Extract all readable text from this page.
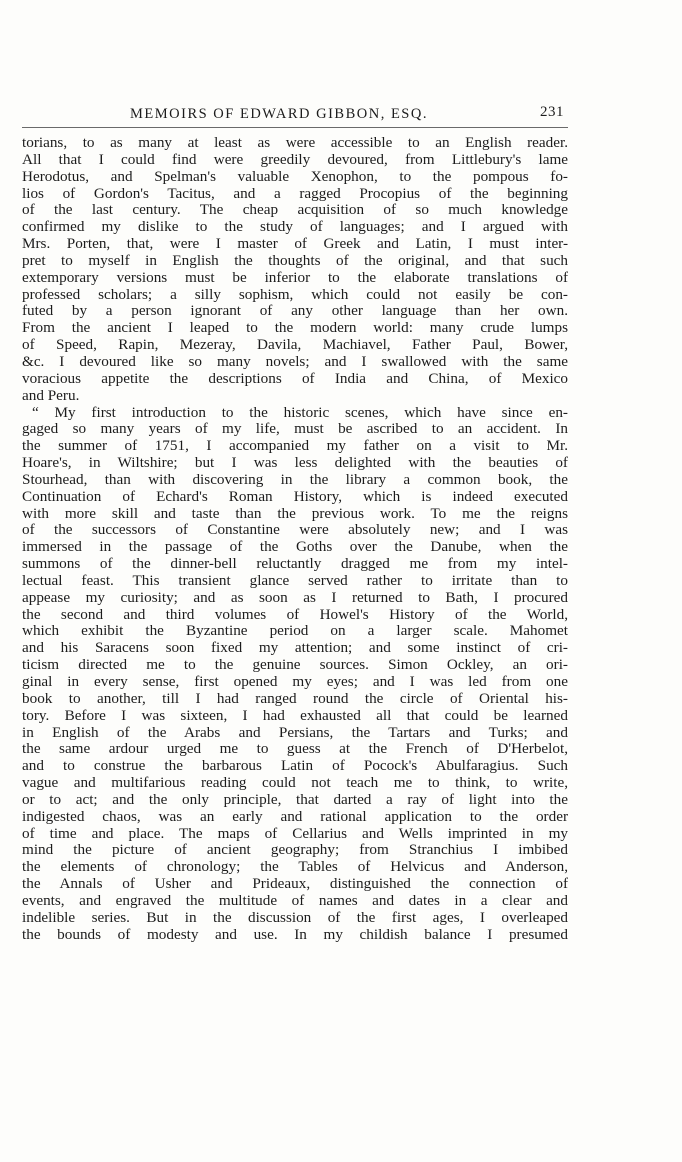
MEMOIRS OF EDWARD GIBBON, ESQ.	231
torians, to as many at least as were accessible to an English reader.
All that I could find were greedily devoured, from Littlebury's lame
Herodotus, and Spelman's valuable Xenophon, to the pompous fo-
lios of Gordon's Tacitus, and a ragged Procopius of the beginning
of the last century. The cheap acquisition of so much knowledge
confirmed my dislike to the study of languages; and I argued with
Mrs. Porten, that, were I master of Greek and Latin, I must inter-
pret to myself in English the thoughts of the original, and that such
extemporary versions must be inferior to the elaborate translations of
professed scholars; a silly sophism, which could not easily be con-
futed by a person ignorant of any other language than her own.
From the ancient I leaped to the modern world: many crude lumps
of Speed, Rapin, Mezeray, Davila, Machiavel, Father Paul, Bower,
&c. I devoured like so many novels; and I swallowed with the same
voracious appetite the descriptions of India and China, of Mexico
and Peru.
“ My first introduction to the historic scenes, which have since en-
gaged so many years of my life, must be ascribed to an accident. In
the summer of 1751, I accompanied my father on a visit to Mr.
Hoare's, in Wiltshire; but I was less delighted with the beauties of
Stourhead, than with discovering in the library a common book, the
Continuation of Echard's Roman History, which is indeed executed
with more skill and taste than the previous work. To me the reigns
of the successors of Constantine were absolutely new; and I was
immersed in the passage of the Goths over the Danube, when the
summons of the dinner-bell reluctantly dragged me from my intel-
lectual feast. This transient glance served rather to irritate than to
appease my curiosity; and as soon as I returned to Bath, I procured
the second and third volumes of Howel's History of the World,
which exhibit the Byzantine period on a larger scale. Mahomet
and his Saracens soon fixed my attention; and some instinct of cri-
ticism directed me to the genuine sources. Simon Ockley, an ori-
ginal in every sense, first opened my eyes; and I was led from one
book to another, till I had ranged round the circle of Oriental his-
tory. Before I was sixteen, I had exhausted all that could be learned
in English of the Arabs and Persians, the Tartars and Turks; and
the same ardour urged me to guess at the French of D'Herbelot,
and to construe the barbarous Latin of Pocock's Abulfaragius. Such
vague and multifarious reading could not teach me to think, to write,
or to act; and the only principle, that darted a ray of light into the
indigested chaos, was an early and rational application to the order
of time and place. The maps of Cellarius and Wells imprinted in my
mind the picture of ancient geography; from Stranchius I imbibed
the elements of chronology; the Tables of Helvicus and Anderson,
the Annals of Usher and Prideaux, distinguished the connection of
events, and engraved the multitude of names and dates in a clear and
indelible series. But in the discussion of the first ages, I overleaped
the bounds of modesty and use. In my childish balance I presumed
